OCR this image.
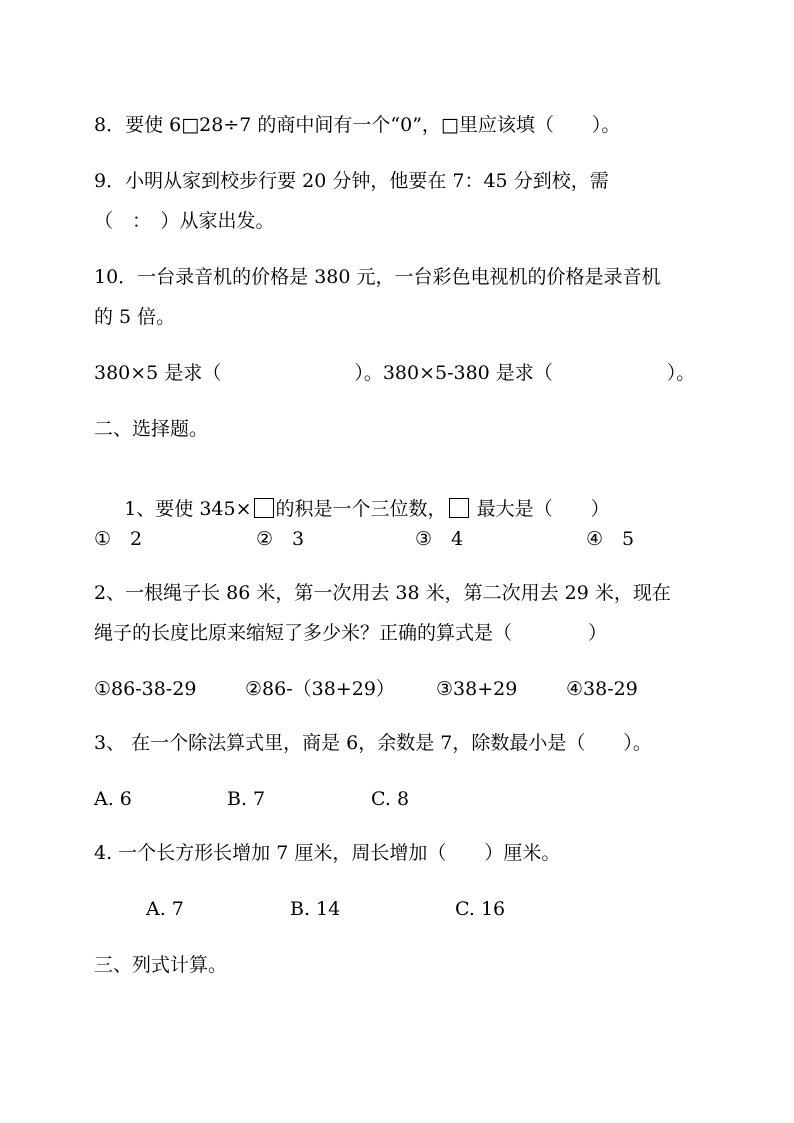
8．要使 6□28÷7 的商中间有一个“0”，□里应该填（　　）。
9．小明从家到校步行要 20 分钟，他要在 7：45 分到校，需
（　：　）从家出发。
10．一台录音机的价格是 380 元，一台彩色电视机的价格是录音机
的 5 倍。
380×5 是求（　　　　　　　）。380×5-380 是求（　　　　　　）。
二、选择题。

1、要使 345× 的积是一个三位数， 最大是（　　）

①　2	②　3	③　4	④　5
2、一根绳子长 86 米，第一次用去 38 米，第二次用去 29 米，现在
绳子的长度比原来缩短了多少米？正确的算式是（　　　　）
①86-38-29	②86-（38+29） ③38+29	④38-29
3、 在一个除法算式里，商是 6，余数是 7，除数最小是（　　）。
A. 6	B. 7	C. 8
4. 一个长方形长增加 7 厘米，周长增加（　　）厘米。
A. 7	B. 14	C. 16
三、列式计算。
